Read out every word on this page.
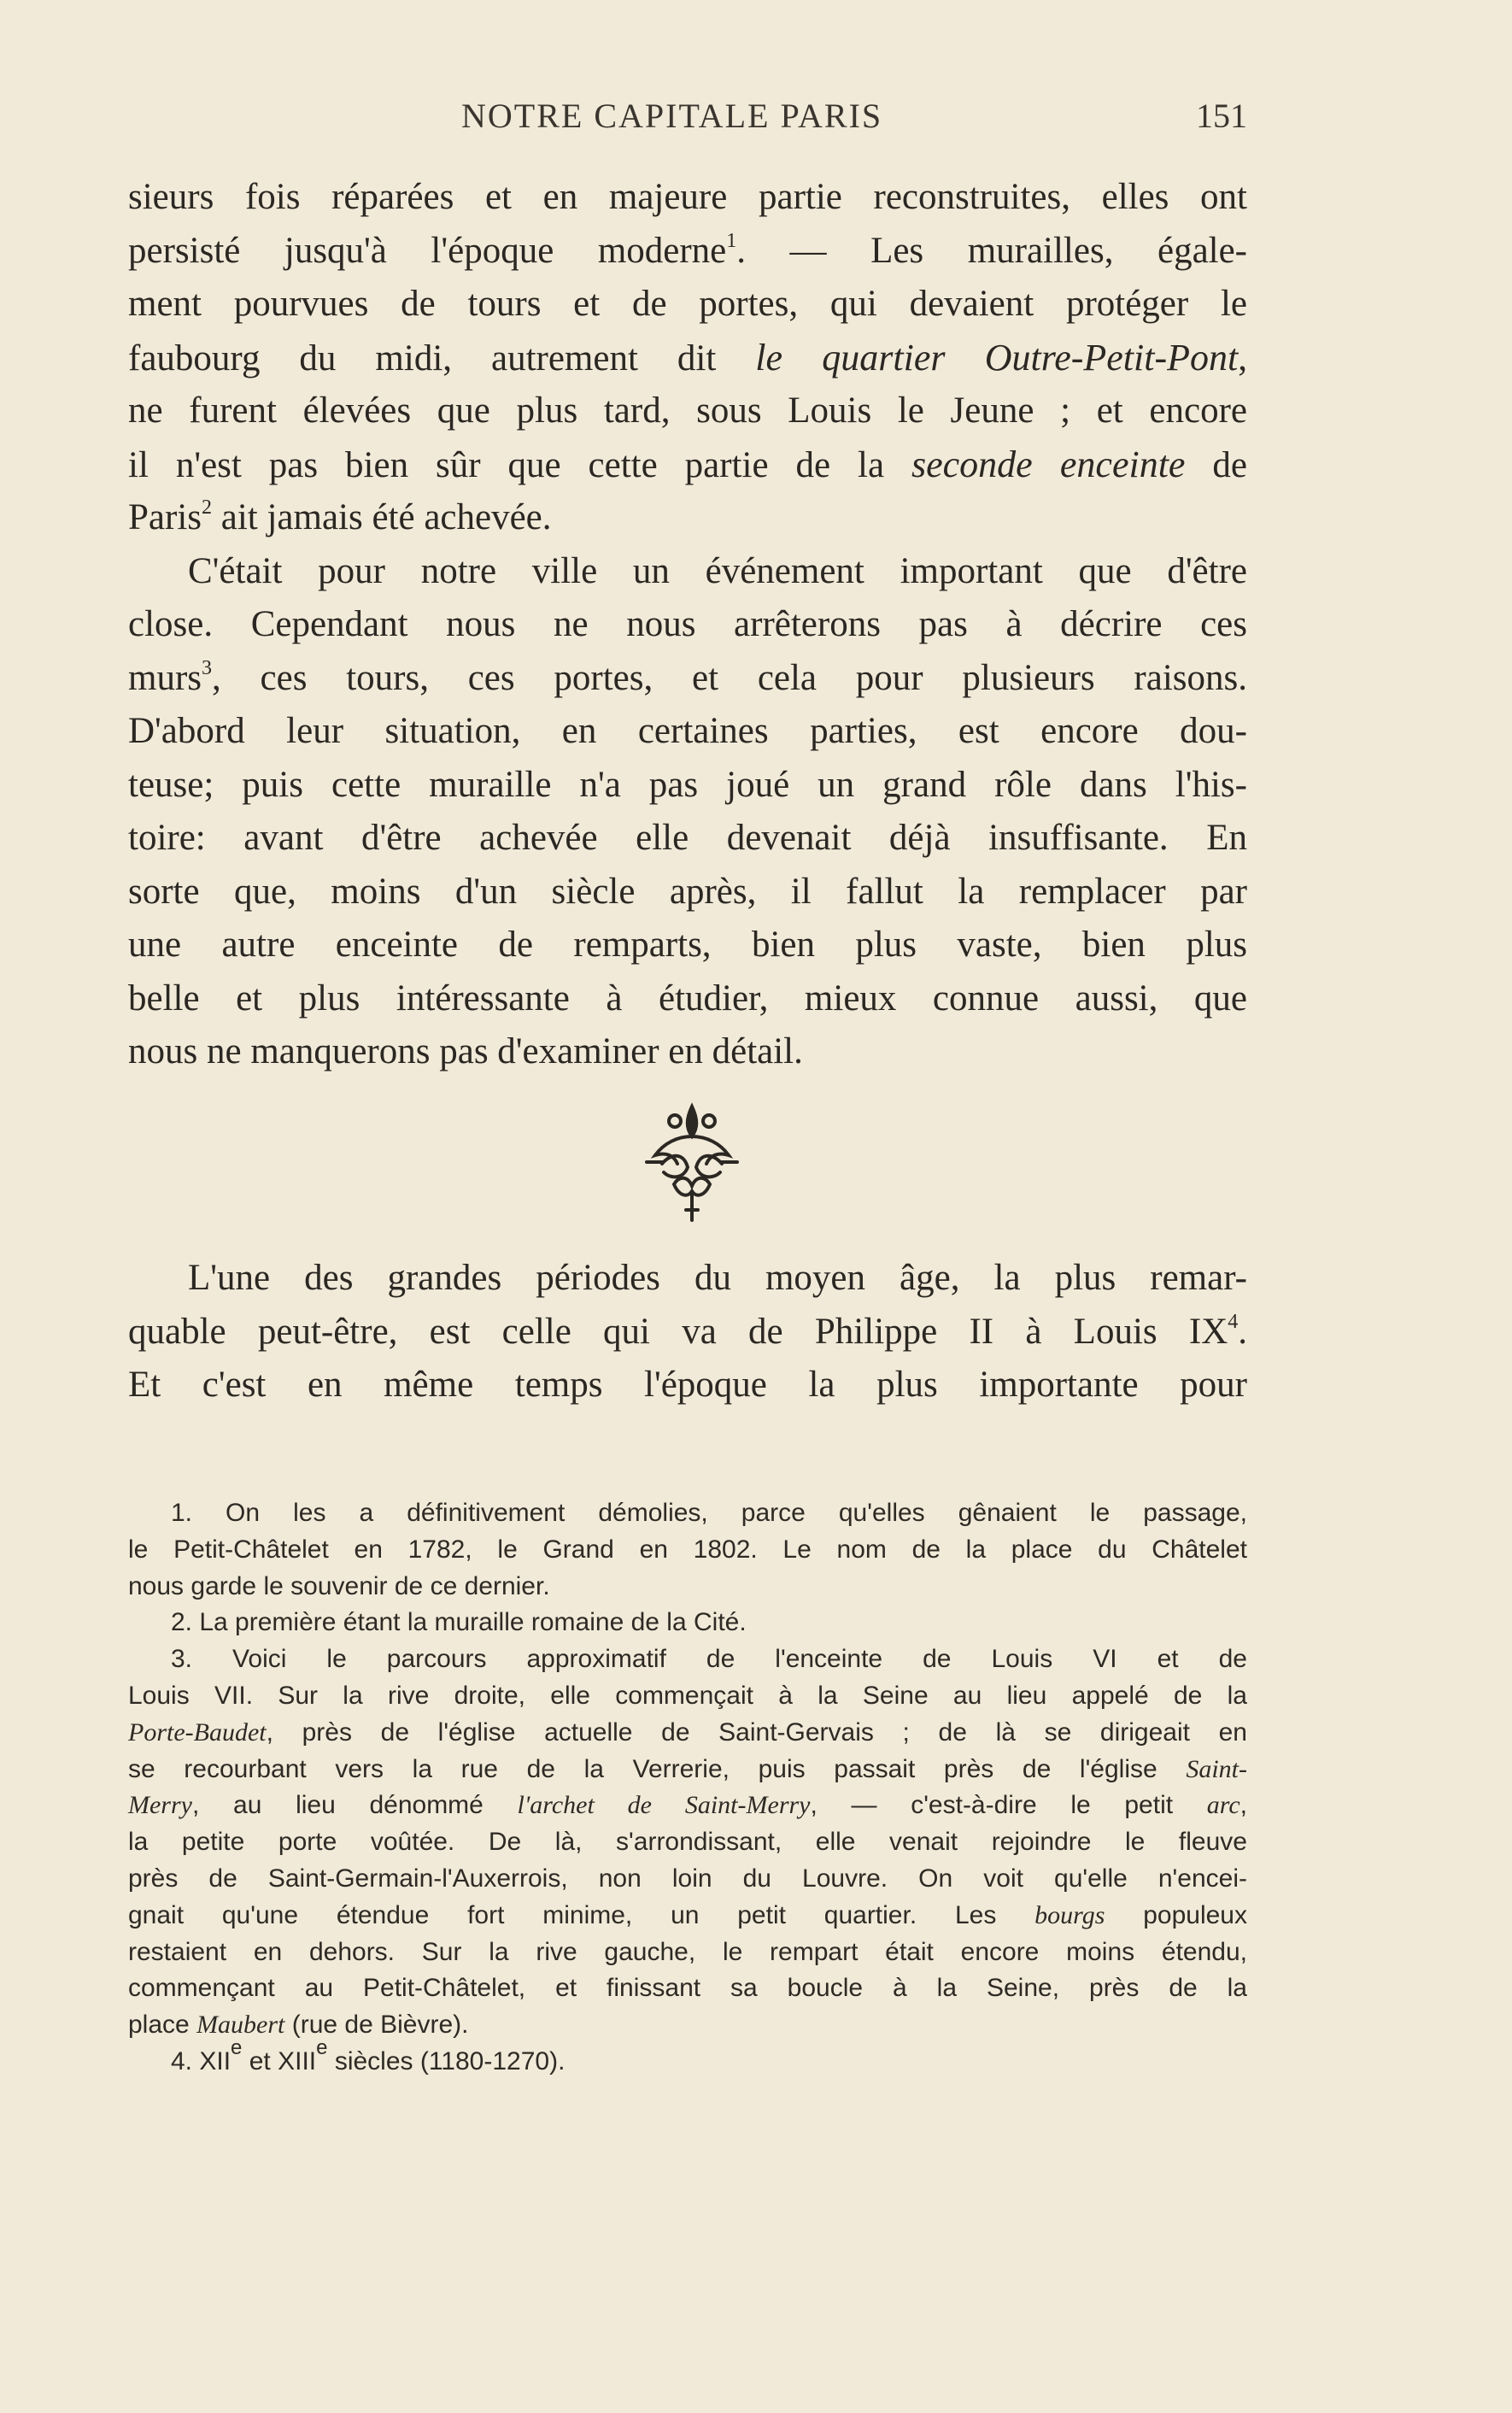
NOTRE CAPITALE PARIS	151
sieurs fois réparées et en majeure partie reconstruites, elles ont
persisté jusqu'à l'époque moderne$^1$. — Les murailles, égale-
ment pourvues de tours et de portes, qui devaient protéger le
faubourg du midi, autrement dit le quartier Outre-Petit-Pont,
ne furent élevées que plus tard, sous Louis le Jeune ; et encore
il n'est pas bien sûr que cette partie de la seconde enceinte de
Paris$^2$ ait jamais été achevée.
C'était pour notre ville un événement important que d'être
close. Cependant nous ne nous arrêterons pas à décrire ces
murs$^3$, ces tours, ces portes, et cela pour plusieurs raisons.
D'abord leur situation, en certaines parties, est encore dou-
teuse; puis cette muraille n'a pas joué un grand rôle dans l'his-
toire: avant d'être achevée elle devenait déjà insuffisante. En
sorte que, moins d'un siècle après, il fallut la remplacer par
une autre enceinte de remparts, bien plus vaste, bien plus
belle et plus intéressante à étudier, mieux connue aussi, que
nous ne manquerons pas d'examiner en détail.
L'une des grandes périodes du moyen âge, la plus remar-
quable peut-être, est celle qui va de Philippe II à Louis $IX^4$.
Et c'est en même temps l'époque la plus importante pour
1. On les a définitivement démolies, parce qu'elles gênaient le passage,
le Petit-Châtelet en 1782, le Grand en 1802. Le nom de la place du Châtelet
nous garde le souvenir de ce dernier.
2. La première étant la muraille romaine de la Cité.
3. Voici le parcours approximatif de l'enceinte de Louis VI et de
Louis VII. Sur la rive droite, elle commençait à la Seine au lieu appelé de la
Porte-Baudet, près de l'église actuelle de Saint-Gervais ; de là se dirigeait en
se recourbant vers la rue de la Verrerie, puis passait près de l'église Saint-
Merry, au lieu dénommé l'archet de Saint-Merry, — c'est-à-dire le petit arc,
la petite porte voûtée. De là, s'arrondissant, elle venait rejoindre le fleuve
près de Saint-Germain-l'Auxerrois, non loin du Louvre. On voit qu'elle n'encei-
gnait qu'une étendue fort minime, un petit quartier. Les bourgs populeux
restaient en dehors. Sur la rive gauche, le rempart était encore moins étendu,
commençant au Petit-Châtelet, et finissant sa boucle à la Seine, près de la
place Maubert (rue de Bièvre).
4. XIIe et XIIIe siècles (1180-1270).
